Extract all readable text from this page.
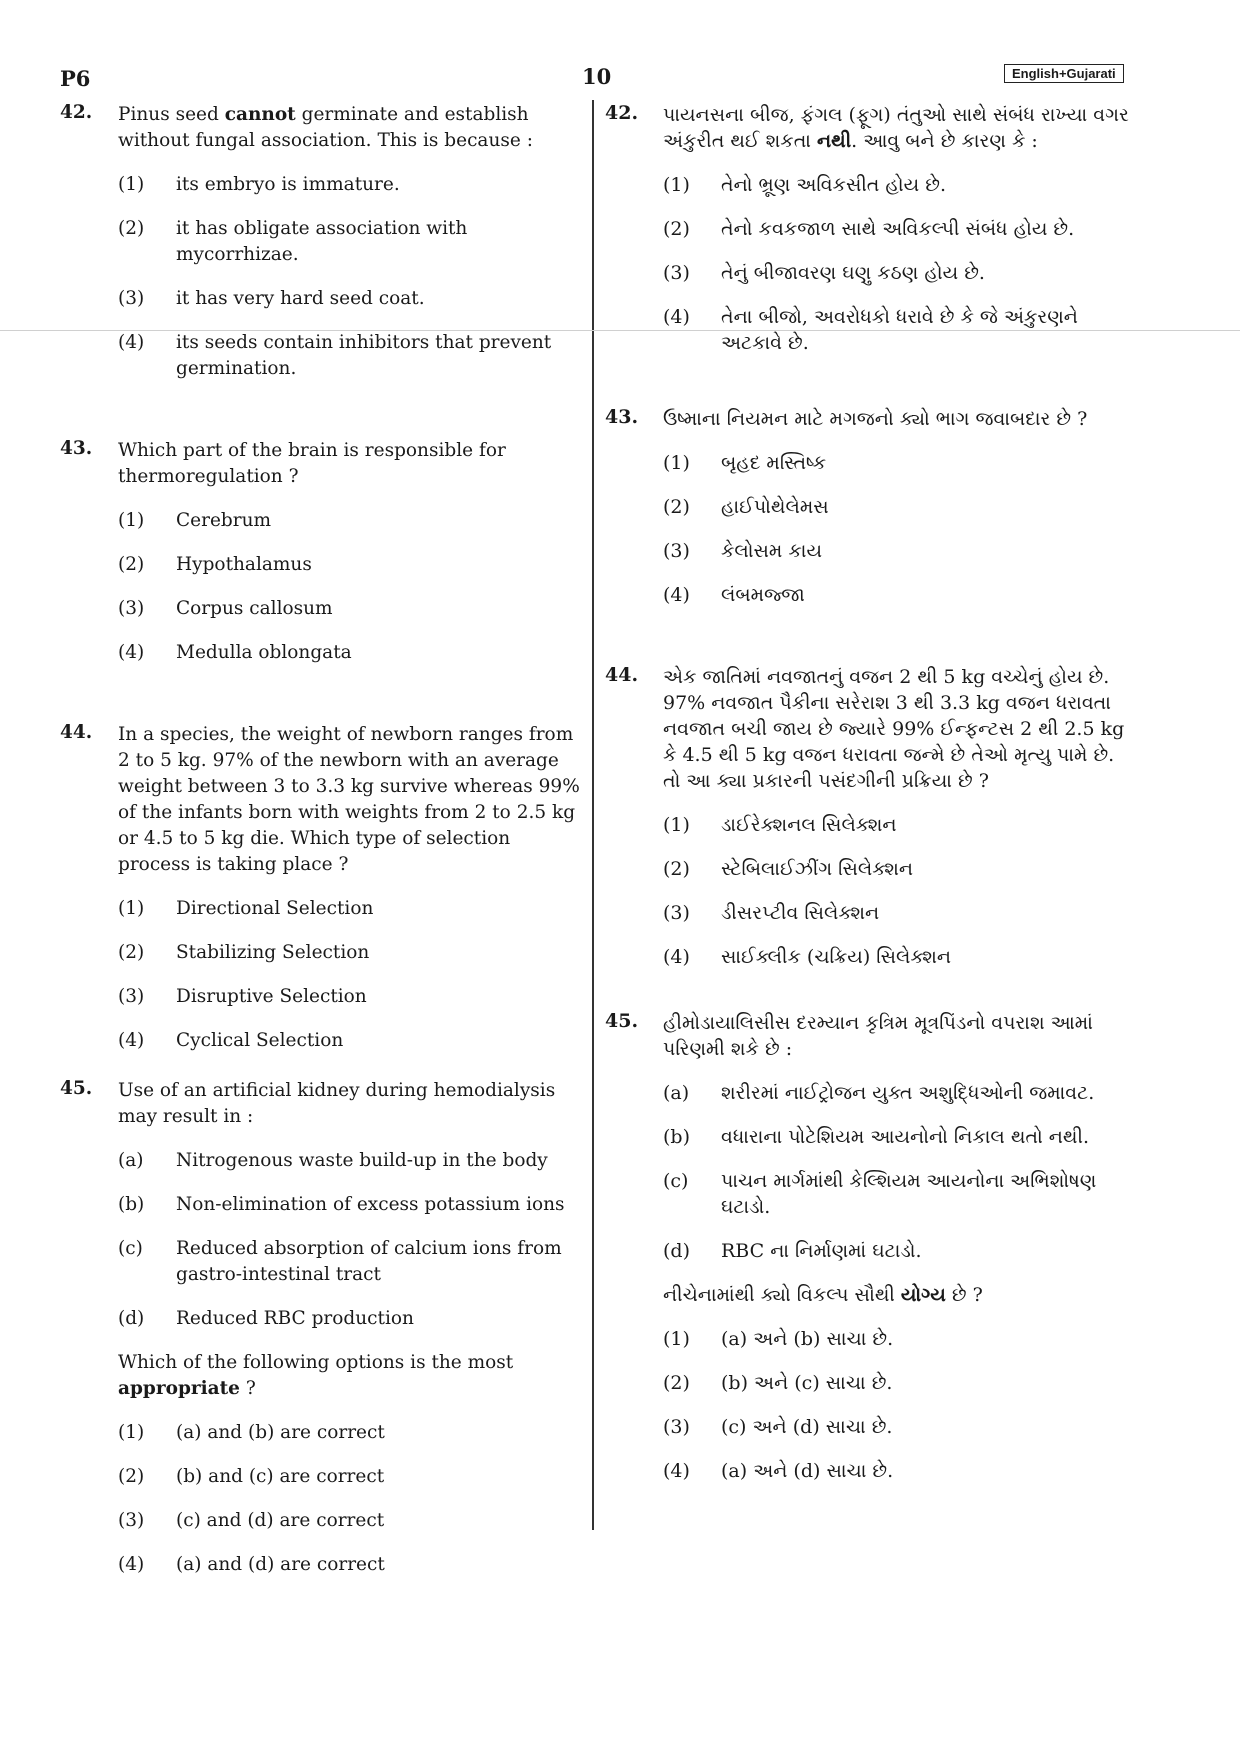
P6	10	English+Gujarati
42. Pinus seed cannot germinate and establish without fungal association. This is because :
(1) its embryo is immature.
(2) it has obligate association with mycorrhizae.
(3) it has very hard seed coat.
(4) its seeds contain inhibitors that prevent germination.
43. Which part of the brain is responsible for thermoregulation ?
(1) Cerebrum
(2) Hypothalamus
(3) Corpus callosum
(4) Medulla oblongata
44. In a species, the weight of newborn ranges from 2 to 5 kg. 97% of the newborn with an average weight between 3 to 3.3 kg survive whereas 99% of the infants born with weights from 2 to 2.5 kg or 4.5 to 5 kg die. Which type of selection process is taking place ?
(1) Directional Selection
(2) Stabilizing Selection
(3) Disruptive Selection
(4) Cyclical Selection
45. Use of an artificial kidney during hemodialysis may result in :
(a) Nitrogenous waste build-up in the body
(b) Non-elimination of excess potassium ions
(c) Reduced absorption of calcium ions from gastro-intestinal tract
(d) Reduced RBC production
Which of the following options is the most appropriate ?
(1) (a) and (b) are correct
(2) (b) and (c) are correct
(3) (c) and (d) are correct
(4) (a) and (d) are correct
42. પાયનસના બીજ, ફંગલ (ફૂગ) તંતુઓ સાથે સંબંધ રાખ્યા વગર અંકુરીત થઈ શકતા નથી. આવુ બને છે કારણ કે :
(1) તેનો ભ્રૂણ અવિકસીત હોય છે.
(2) તેનો કવકજાળ સાથે અવિકલ્પી સંબંધ હોય છે.
(3) તેનું બીજાવરણ ઘણુ કઠણ હોય છે.
(4) તેના બીજો, અવરોધકો ધરાવે છે કે જે અંકુરણને અટકાવે છે.
43. ઉષ્માના નિયમન માટે મગજનો ક્યો ભાગ જવાબદાર છે ?
(1) બૃહદ મસ્તિષ્ક
(2) હાઈપોથેલેમસ
(3) કેલોસમ કાય
(4) લંબમજ્જા
44. એક જાતિમાં નવજાતનું વજન 2 થી 5 kg વચ્ચેનું હોય છે. 97% નવજાત પૈકીના સરેરાશ 3 થી 3.3 kg વજન ધરાવતા નવજાત બચી જાય છે જ્યારે 99% ઈન્ફન્ટસ 2 થી 2.5 kg કે 4.5 થી 5 kg વજન ધરાવતા જન્મે છે તેઓ મૃત્યુ પામે છે. તો આ ક્યા પ્રકારની પસંદગીની પ્રક્રિયા છે ?
(1) ડાઈરેક્શનલ સિલેક્શન
(2) સ્ટેબિલાઈઝીંગ સિલેક્શન
(3) ડીસરપ્ટીવ સિલેક્શન
(4) સાઈક્લીક (ચક્રિય) સિલેક્શન
45. હીમોડાયાલિસીસ દરમ્યાન કૃત્રિમ મૂત્રપિંડનો વપરાશ આમાં પરિણમી શકે છે :
(a) શરીરમાં નાઈટ્રોજન યુક્ત અશુદ્ધિઓની જમાવટ.
(b) વધારાના પોટેશિયમ આયનોનો નિકાલ થતો નથી.
(c) પાચન માર્ગમાંથી કેલ્શિયમ આયનોના અભિશોષણ ઘટાડો.
(d) RBC ના નિર્માણમાં ઘટાડો.
નીચેનામાંથી ક્યો વિકલ્પ સૌથી યોગ્ય છે ?
(1) (a) અને (b) સાચા છે.
(2) (b) અને (c) સાચા છે.
(3) (c) અને (d) સાચા છે.
(4) (a) અને (d) સાચા છે.
